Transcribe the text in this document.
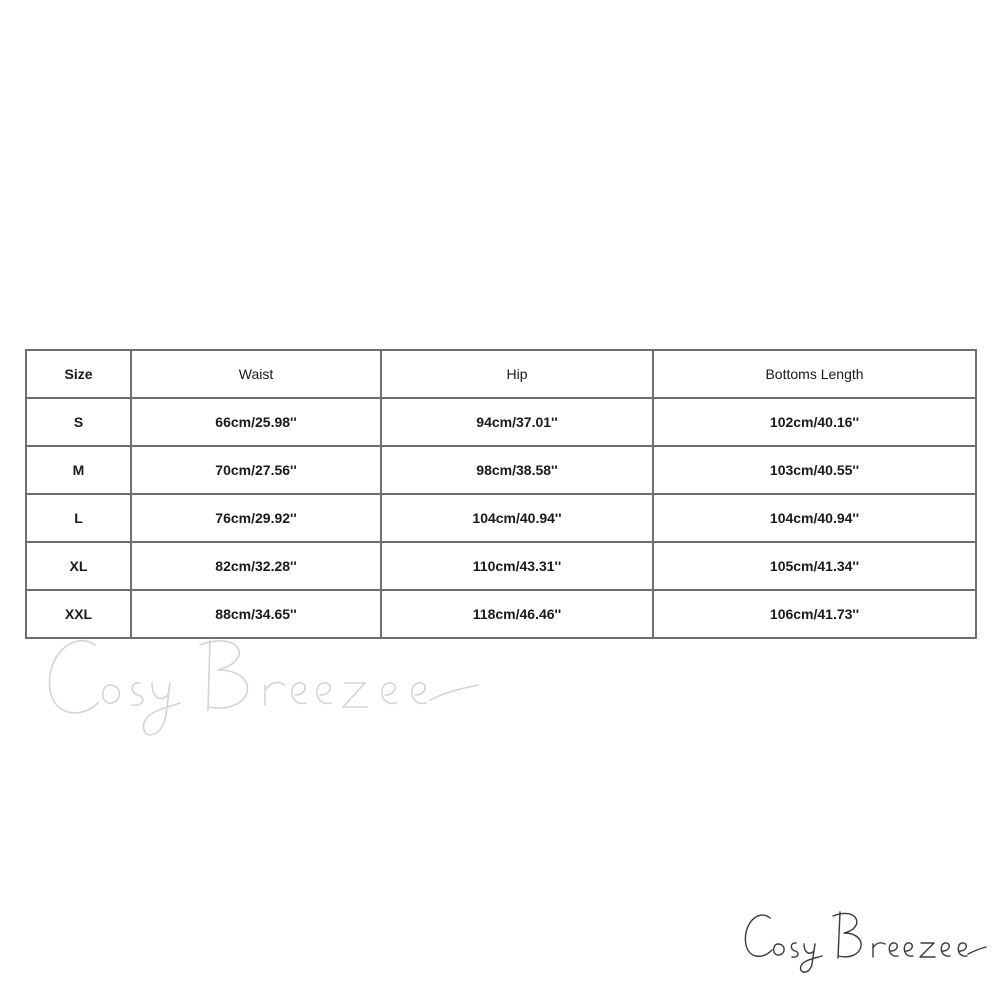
Size	Waist	Hip	Bottoms Length
S	66cm/25.98''	94cm/37.01''	102cm/40.16''
M	70cm/27.56''	98cm/38.58''	103cm/40.55''
L	76cm/29.92''	104cm/40.94''	104cm/40.94''
XL	82cm/32.28''	110cm/43.31''	105cm/41.34''
XXL	88cm/34.65''	118cm/46.46''	106cm/41.73''
